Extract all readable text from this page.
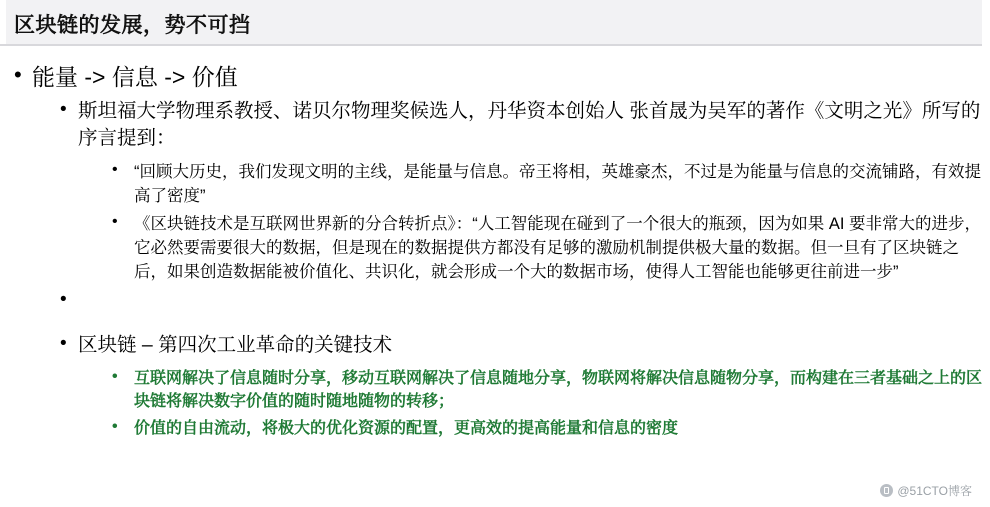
区块链的发展，势不可挡
• 能量 -> 信息 -> 价值
• 斯坦福大学物理系教授、诺贝尔物理奖候选人，丹华资本创始人 张首晟为吴军的著作《文明之光》所写的序言提到：
• “回顾大历史，我们发现文明的主线，是能量与信息。帝王将相，英雄豪杰，不过是为能量与信息的交流铺路，有效提高了密度”
• 《区块链技术是互联网世界新的分合转折点》：“人工智能现在碰到了一个很大的瓶颈，因为如果 AI 要非常大的进步，它必然要需要很大的数据，但是现在的数据提供方都没有足够的激励机制提供极大量的数据。但一旦有了区块链之后，如果创造数据能被价值化、共识化，就会形成一个大的数据市场，使得人工智能也能够更往前进一步”
•
• 区块链 – 第四次工业革命的关键技术
• 互联网解决了信息随时分享，移动互联网解决了信息随地分享，物联网将解决信息随物分享，而构建在三者基础之上的区块链将解决数字价值的随时随地随物的转移；
• 价值的自由流动，将极大的优化资源的配置，更高效的提高能量和信息的密度
@51CTO博客
